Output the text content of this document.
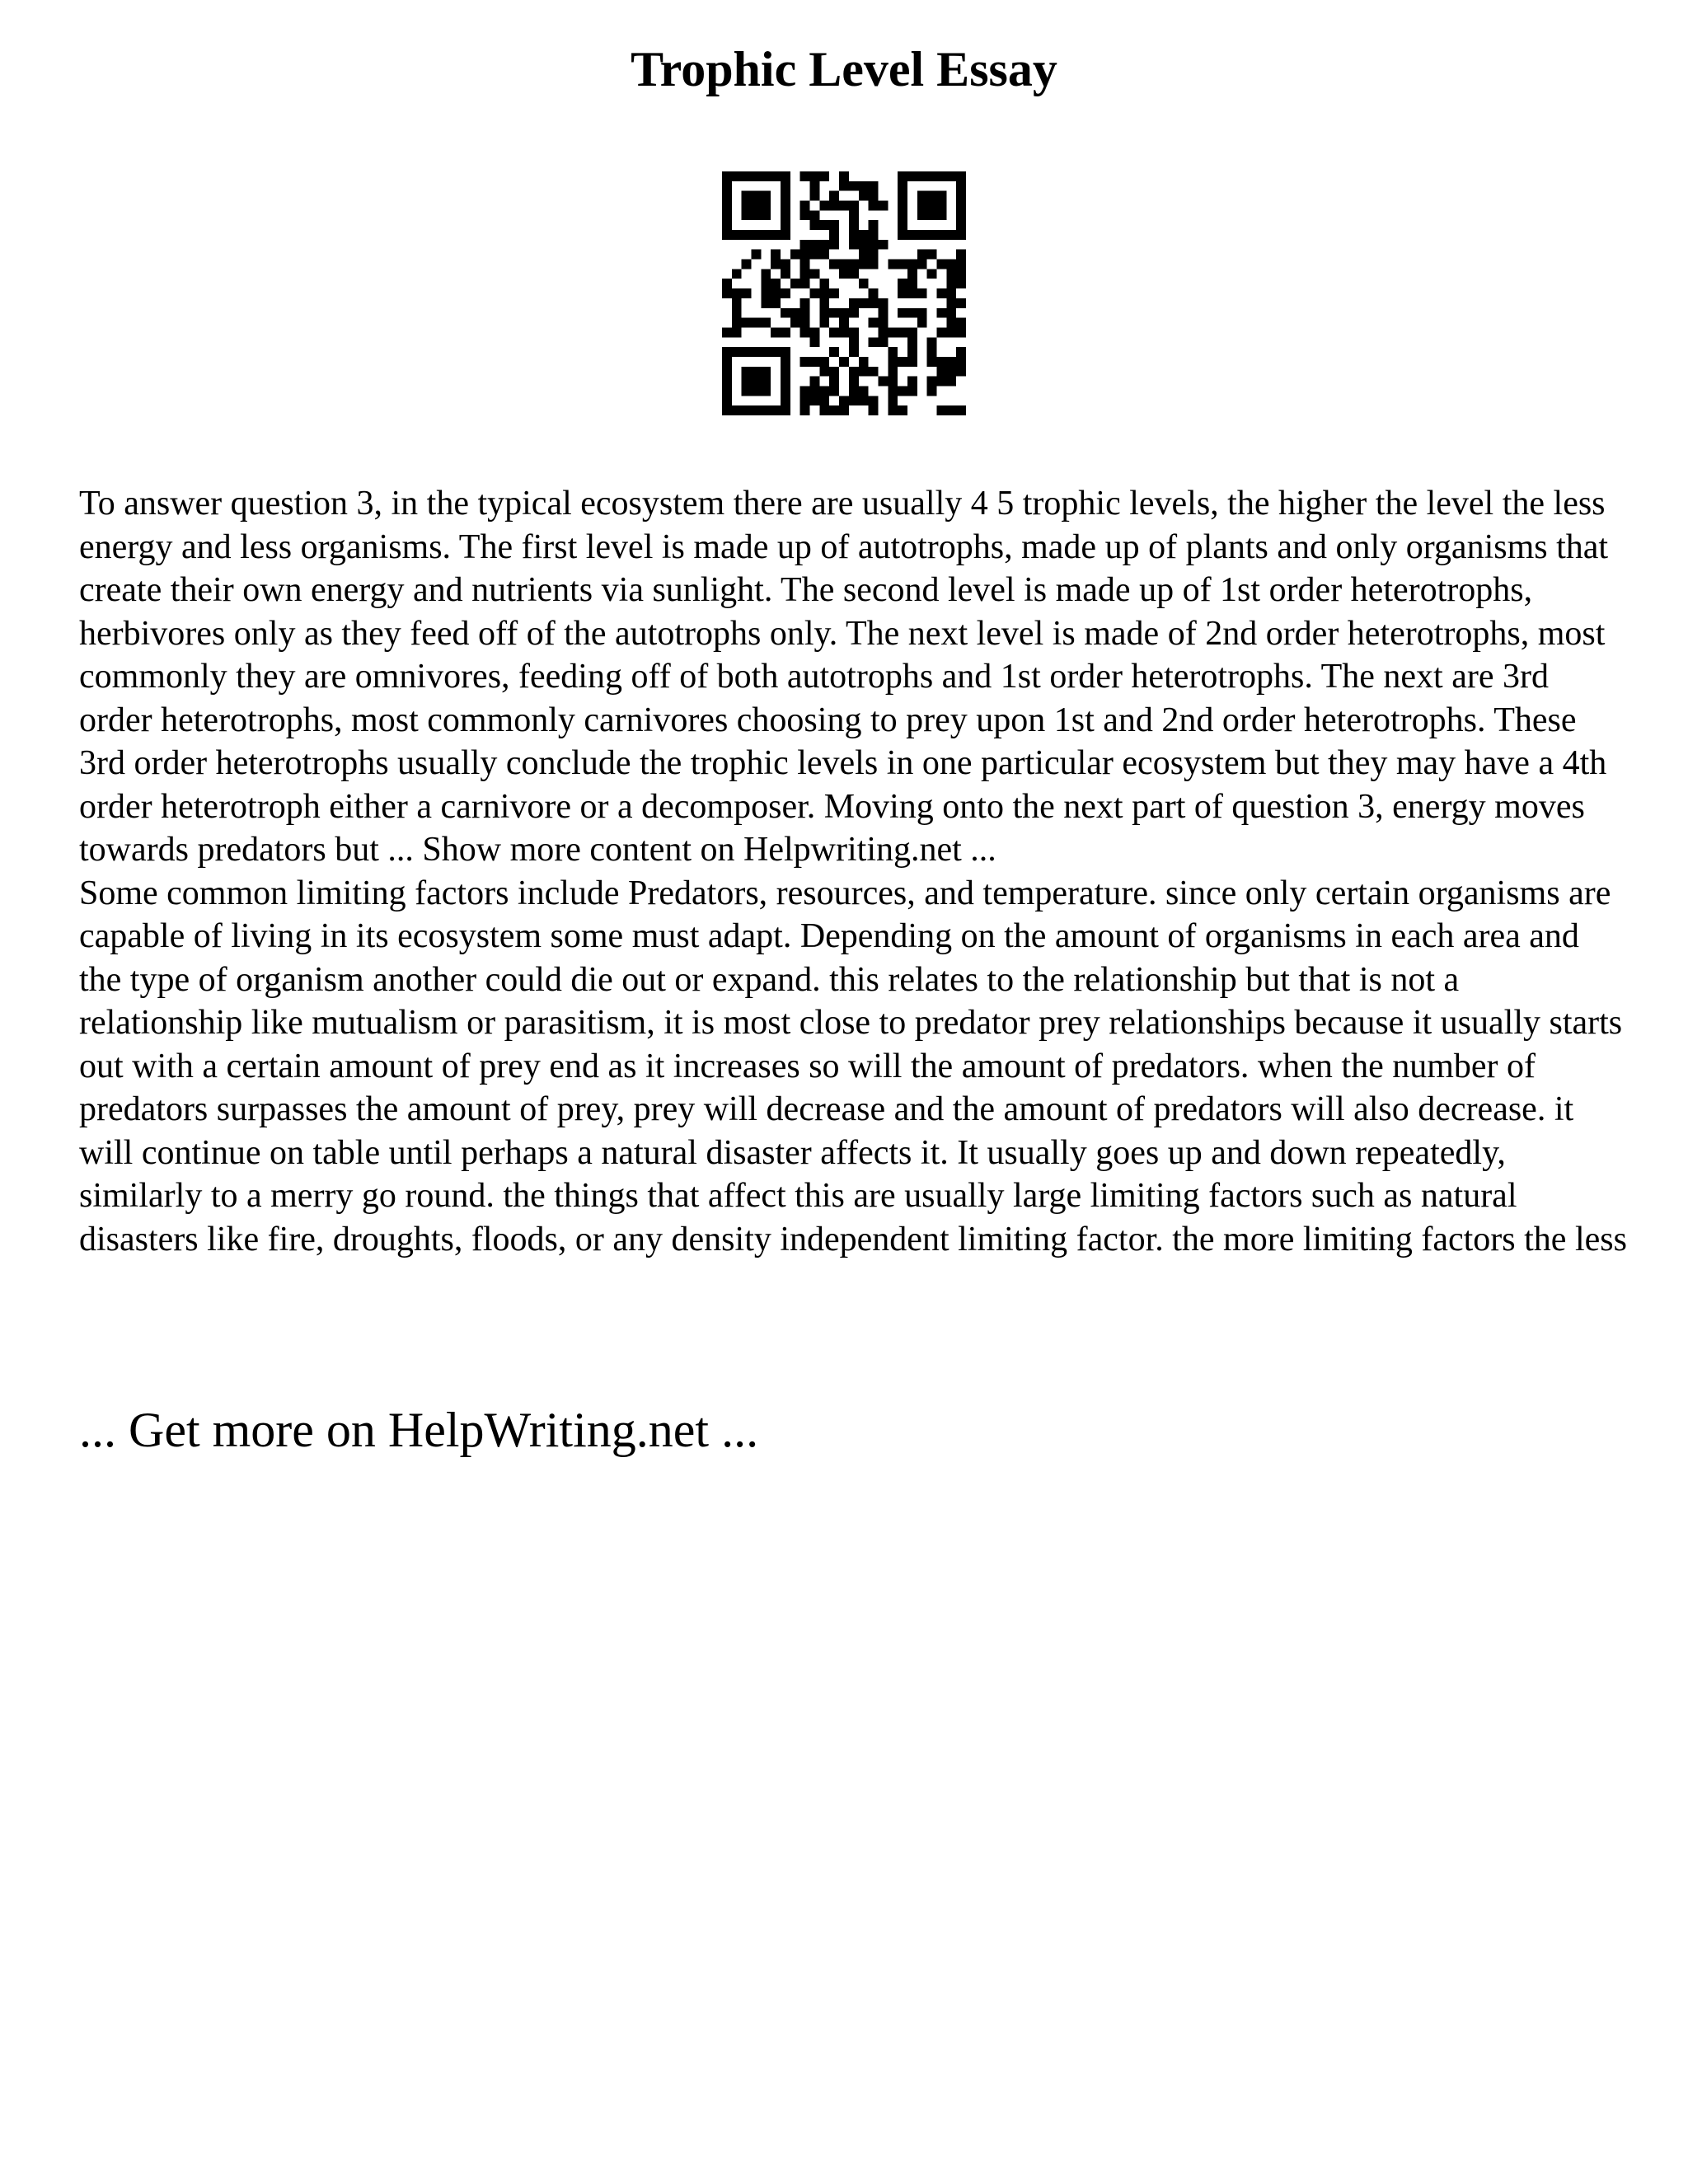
Trophic Level Essay

To answer question 3, in the typical ecosystem there are usually 4 5 trophic levels, the higher the level the less energy and less organisms. The first level is made up of autotrophs, made up of plants and only organisms that create their own energy and nutrients via sunlight. The second level is made up of 1st order heterotrophs, herbivores only as they feed off of the autotrophs only. The next level is made of 2nd order heterotrophs, most commonly they are omnivores, feeding off of both autotrophs and 1st order heterotrophs. The next are 3rd order heterotrophs, most commonly carnivores choosing to prey upon 1st and 2nd order heterotrophs. These 3rd order heterotrophs usually conclude the trophic levels in one particular ecosystem but they may have a 4th order heterotroph either a carnivore or a decomposer. Moving onto the next part of question 3, energy moves towards predators but ... Show more content on Helpwriting.net ...

Some common limiting factors include Predators, resources, and temperature. since only certain organisms are capable of living in its ecosystem some must adapt. Depending on the amount of organisms in each area and the type of organism another could die out or expand. this relates to the relationship but that is not a relationship like mutualism or parasitism, it is most close to predator prey relationships because it usually starts out with a certain amount of prey end as it increases so will the amount of predators. when the number of predators surpasses the amount of prey, prey will decrease and the amount of predators will also decrease. it will continue on table until perhaps a natural disaster affects it. It usually goes up and down repeatedly, similarly to a merry go round. the things that affect this are usually large limiting factors such as natural disasters like fire, droughts, floods, or any density independent limiting factor. the more limiting factors the less

... Get more on HelpWriting.net ...
